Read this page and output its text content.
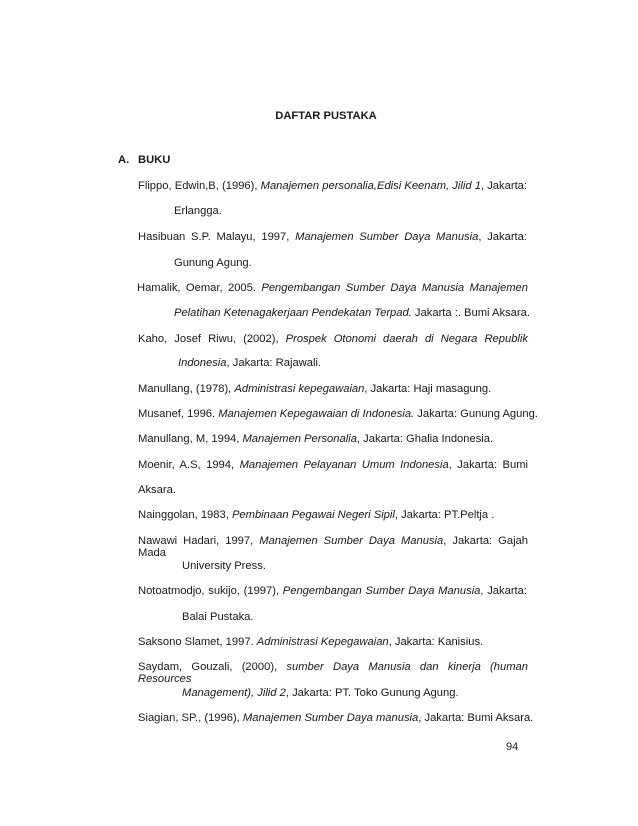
DAFTAR PUSTAKA
A. BUKU
Flippo, Edwin,B, (1996), Manajemen personalia,Edisi Keenam, Jilid 1, Jakarta:
Erlangga.
Hasibuan S.P. Malayu, 1997, Manajemen Sumber Daya Manusia, Jakarta:
Gunung Agung.
Hamalik, Oemar, 2005. Pengembangan Sumber Daya Manusia Manajemen
Pelatihan Ketenagakerjaan Pendekatan Terpad. Jakarta :. Bumi Aksara.
Kaho, Josef Riwu, (2002), Prospek Otonomi daerah di Negara Republik
Indonesia, Jakarta: Rajawali.
Manullang, (1978), Administrasi kepegawaian, Jakarta: Haji masagung.
Musanef, 1996. Manajemen Kepegawaian di Indonesia. Jakarta: Gunung Agung.
Manullang, M, 1994, Manajemen Personalia, Jakarta: Ghalia Indonesia.
Moenir, A.S, 1994, Manajemen Pelayanan Umum Indonesia, Jakarta: Bumi
Aksara.
Nainggolan, 1983, Pembinaan Pegawai Negeri Sipil, Jakarta: PT.Peltja .
Nawawi Hadari, 1997, Manajemen Sumber Daya Manusia, Jakarta: Gajah Mada
University Press.
Notoatmodjo, sukijo, (1997), Pengembangan Sumber Daya Manusia, Jakarta:
Balai Pustaka.
Saksono Slamet, 1997. Administrasi Kepegawaian, Jakarta: Kanisius.
Saydam, Gouzali, (2000), sumber Daya Manusia dan kinerja (human Resources
Management), Jilid 2, Jakarta: PT. Toko Gunung Agung.
Siagian, SP., (1996), Manajemen Sumber Daya manusia, Jakarta: Bumi Aksara.
94
